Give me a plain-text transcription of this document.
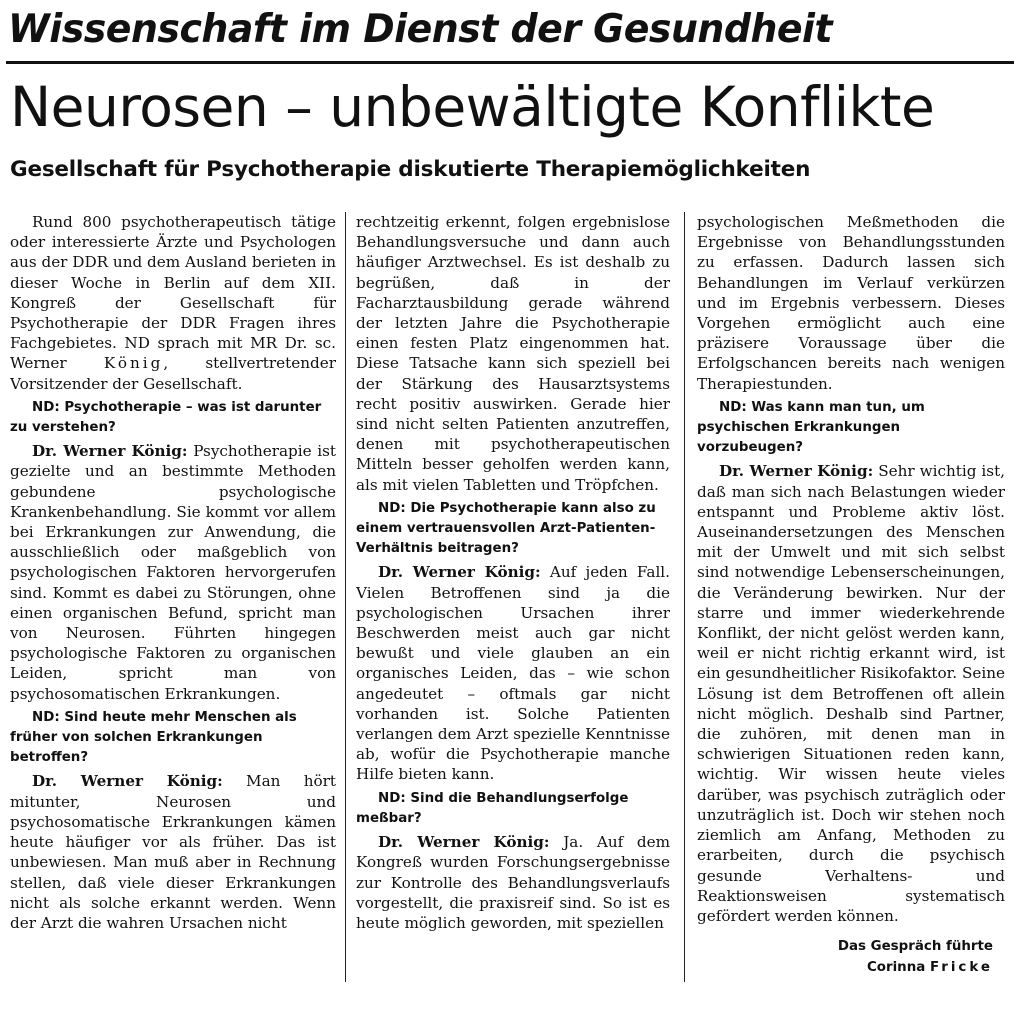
Wissenschaft im Dienst der Gesundheit
Neurosen – unbewältigte Konflikte
Gesellschaft für Psychotherapie diskutierte Therapiemöglichkeiten

Rund 800 psychotherapeutisch tätige oder interessierte Ärzte und Psychologen aus der DDR und dem Ausland berieten in dieser Woche in Berlin auf dem XII. Kongreß der Gesellschaft für Psychotherapie der DDR Fragen ihres Fachgebietes. ND sprach mit MR Dr. sc. Werner König, stellvertretender Vorsitzender der Gesellschaft.

ND: Psychotherapie – was ist darunter zu verstehen?

Dr. Werner König: Psychotherapie ist gezielte und an bestimmte Methoden gebundene psychologische Krankenbehandlung. Sie kommt vor allem bei Erkrankungen zur Anwendung, die ausschließlich oder maßgeblich von psychologischen Faktoren hervorgerufen sind. Kommt es dabei zu Störungen, ohne einen organischen Befund, spricht man von Neurosen. Führten hingegen psychologische Faktoren zu organischen Leiden, spricht man von psychosomatischen Erkrankungen.

ND: Sind heute mehr Menschen als früher von solchen Erkrankungen betroffen?

Dr. Werner König: Man hört mitunter, Neurosen und psychosomatische Erkrankungen kämen heute häufiger vor als früher. Das ist unbewiesen. Man muß aber in Rechnung stellen, daß viele dieser Erkrankungen nicht als solche erkannt werden. Wenn der Arzt die wahren Ursachen nicht

rechtzeitig erkennt, folgen ergebnislose Behandlungsversuche und dann auch häufiger Arztwechsel. Es ist deshalb zu begrüßen, daß in der Facharztausbildung gerade während der letzten Jahre die Psychotherapie einen festen Platz eingenommen hat. Diese Tatsache kann sich speziell bei der Stärkung des Hausarztsystems recht positiv auswirken. Gerade hier sind nicht selten Patienten anzutreffen, denen mit psychotherapeutischen Mitteln besser geholfen werden kann, als mit vielen Tabletten und Tröpfchen.

ND: Die Psychotherapie kann also zu einem vertrauensvollen Arzt-Patienten-Verhältnis beitragen?

Dr. Werner König: Auf jeden Fall. Vielen Betroffenen sind ja die psychologischen Ursachen ihrer Beschwerden meist auch gar nicht bewußt und viele glauben an ein organisches Leiden, das – wie schon angedeutet – oftmals gar nicht vorhanden ist. Solche Patienten verlangen dem Arzt spezielle Kenntnisse ab, wofür die Psychotherapie manche Hilfe bieten kann.

ND: Sind die Behandlungserfolge meßbar?

Dr. Werner König: Ja. Auf dem Kongreß wurden Forschungsergebnisse zur Kontrolle des Behandlungsverlaufs vorgestellt, die praxisreif sind. So ist es heute möglich geworden, mit speziellen

psychologischen Meßmethoden die Ergebnisse von Behandlungsstunden zu erfassen. Dadurch lassen sich Behandlungen im Verlauf verkürzen und im Ergebnis verbessern. Dieses Vorgehen ermöglicht auch eine präzisere Voraussage über die Erfolgschancen bereits nach wenigen Therapiestunden.

ND: Was kann man tun, um psychischen Erkrankungen vorzubeugen?

Dr. Werner König: Sehr wichtig ist, daß man sich nach Belastungen wieder entspannt und Probleme aktiv löst. Auseinandersetzungen des Menschen mit der Umwelt und mit sich selbst sind notwendige Lebenserscheinungen, die Veränderung bewirken. Nur der starre und immer wiederkehrende Konflikt, der nicht gelöst werden kann, weil er nicht richtig erkannt wird, ist ein gesundheitlicher Risikofaktor. Seine Lösung ist dem Betroffenen oft allein nicht möglich. Deshalb sind Partner, die zuhören, mit denen man in schwierigen Situationen reden kann, wichtig. Wir wissen heute vieles darüber, was psychisch zuträglich oder unzuträglich ist. Doch wir stehen noch ziemlich am Anfang, Methoden zu erarbeiten, durch die psychisch gesunde Verhaltens- und Reaktionsweisen systematisch gefördert werden können.

Das Gespräch führte
Corinna Fricke
